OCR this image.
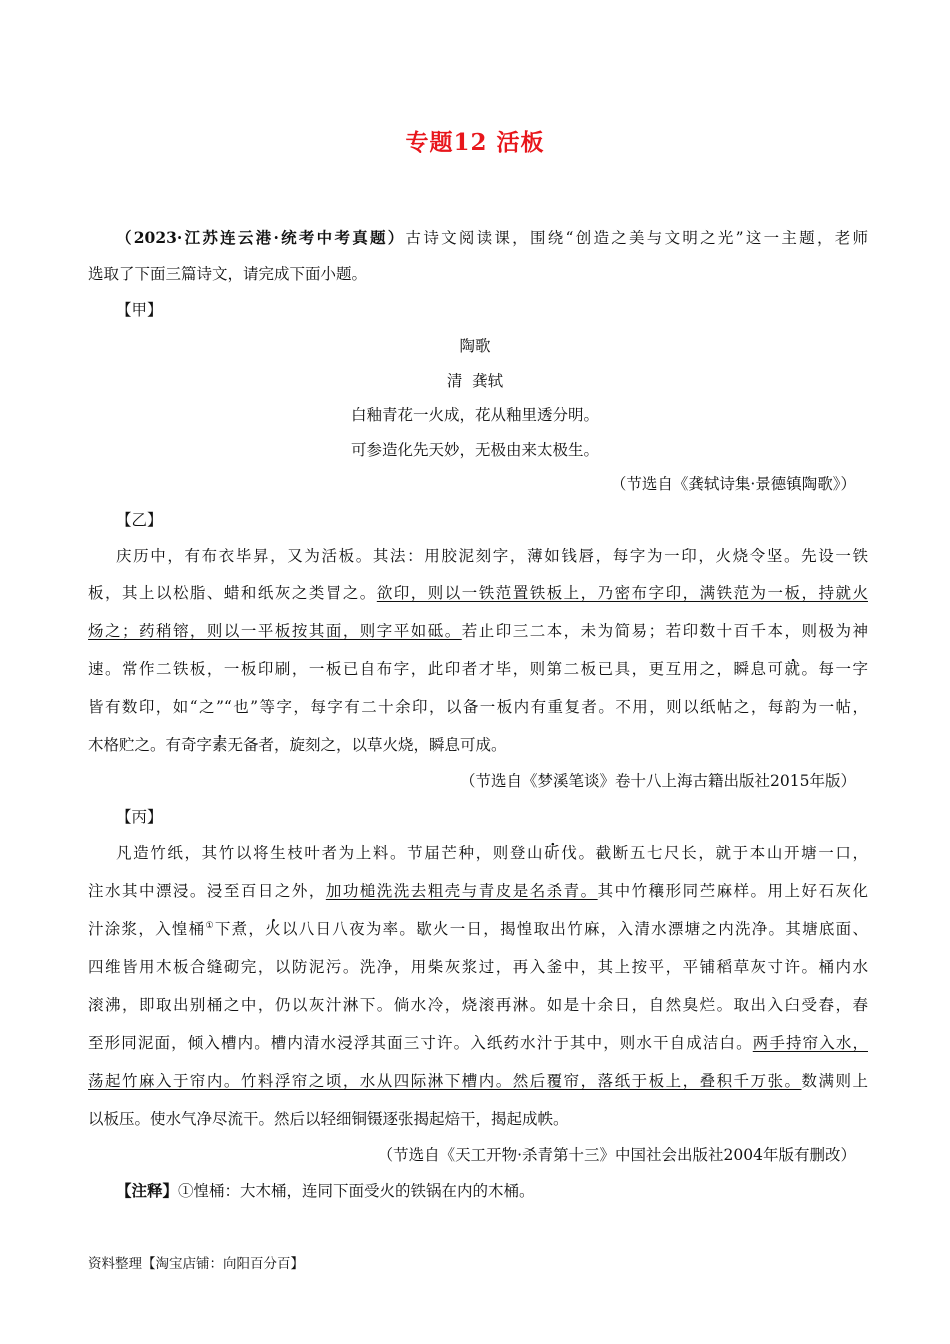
专题12 活板
（2023·江苏连云港·统考中考真题）古诗文阅读课，围绕“创造之美与文明之光”这一主题，老师
选取了下面三篇诗文，请完成下面小题。
【甲】
陶歌
清  龚轼
白釉青花一火成，花从釉里透分明。
可参造化先天妙，无极由来太极生。
（节选自《龚轼诗集·景德镇陶歌》）
【乙】
庆历中，有布衣毕昇，又为活板。其法：用胶泥刻字，薄如钱唇，每字为一印，火烧令坚。先设一铁
板，其上以松脂、蜡和纸灰之类冒之。欲印，则以一铁范置铁板上，乃密布字印，满铁范为一板，持就火
炀之；药稍镕，则以一平板按其面，则字平如砥。若止印三二本，未为简易；若印数十百千本，则极为神
速。常作二铁板，一板印刷，一板已自布字，此印者才毕，则第二板已具，更互用之，瞬息可就。每一字
皆有数印，如“之”“也”等字，每字有二十余印，以备一板内有重复者。不用，则以纸帖之，每韵为一帖，
木格贮之。有奇字素无备者，旋刻之，以草火烧，瞬息可成。
（节选自《梦溪笔谈》卷十八上海古籍出版社2015年版）
【丙】
凡造竹纸，其竹以将生枝叶者为上料。节届芒种，则登山斫伐。截断五七尺长，就于本山开塘一口，
注水其中漂浸。浸至百日之外，加功槌洗洗去粗壳与青皮是名杀青。其中竹穰形同苎麻样。用上好石灰化
汁涂浆，入惶桶①下煮，火以八日八夜为率。歇火一日，揭惶取出竹麻，入清水漂塘之内洗净。其塘底面、
四维皆用木板合缝砌完，以防泥污。洗净，用柴灰浆过，再入釜中，其上按平，平铺稻草灰寸许。桶内水
滚沸，即取出别桶之中，仍以灰汁淋下。倘水冷，烧滚再淋。如是十余日，自然臭烂。取出入臼受舂，春
至形同泥面，倾入槽内。槽内清水浸浮其面三寸许。入纸药水汁于其中，则水干自成洁白。两手持帘入水，
荡起竹麻入于帘内。竹料浮帘之顷，水从四际淋下槽内。然后覆帘，落纸于板上，叠积千万张。数满则上
以板压。使水气净尽流干。然后以轻细铜镊逐张揭起焙干，揭起成帙。
（节选自《天工开物·杀青第十三》中国社会出版社2004年版有删改）
【注释】①惶桶：大木桶，连同下面受火的铁锅在内的木桶。
资料整理【淘宝店铺：向阳百分百】
